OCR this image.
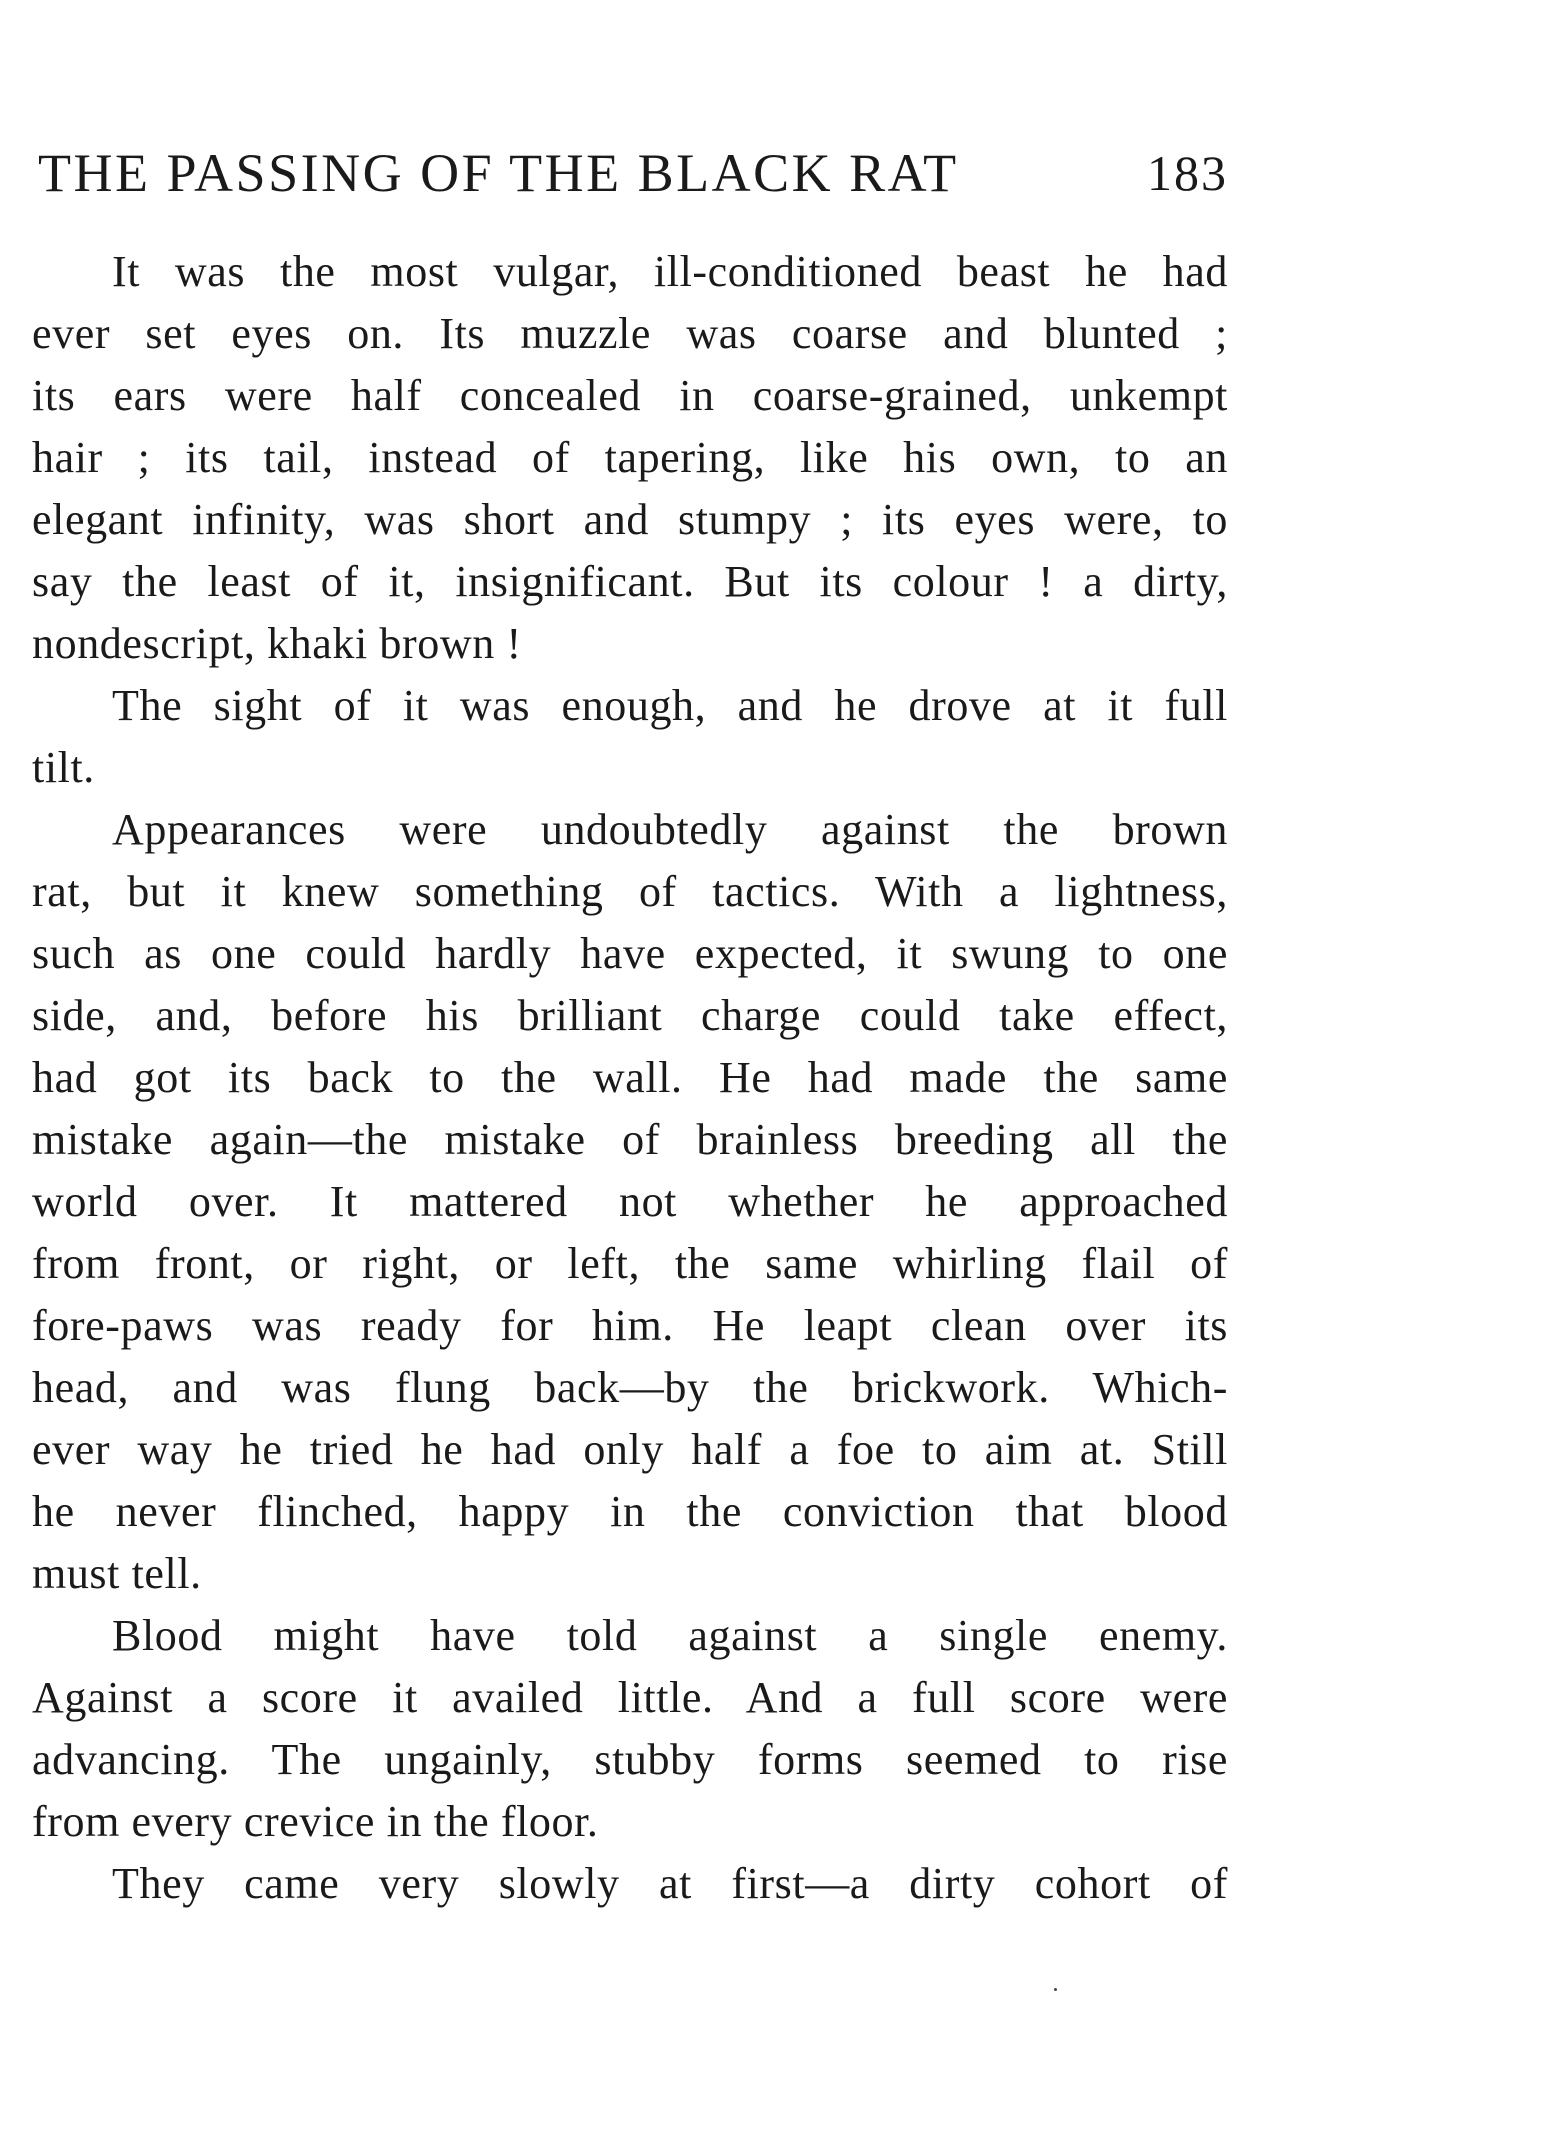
THE PASSING OF THE BLACK RAT	183
It was the most vulgar, ill-conditioned beast he had
ever set eyes on. Its muzzle was coarse and blunted ;
its ears were half concealed in coarse-grained, unkempt
hair ; its tail, instead of tapering, like his own, to an
elegant infinity, was short and stumpy ; its eyes were, to
say the least of it, insignificant. But its colour ! a dirty,
nondescript, khaki brown !
The sight of it was enough, and he drove at it full
tilt.
Appearances were undoubtedly against the brown
rat, but it knew something of tactics. With a lightness,
such as one could hardly have expected, it swung to one
side, and, before his brilliant charge could take effect,
had got its back to the wall. He had made the same
mistake again—the mistake of brainless breeding all the
world over. It mattered not whether he approached
from front, or right, or left, the same whirling flail of
fore-paws was ready for him. He leapt clean over its
head, and was flung back—by the brickwork. Which-
ever way he tried he had only half a foe to aim at. Still
he never flinched, happy in the conviction that blood
must tell.
Blood might have told against a single enemy.
Against a score it availed little. And a full score were
advancing. The ungainly, stubby forms seemed to rise
from every crevice in the floor.
They came very slowly at first—a dirty cohort of
